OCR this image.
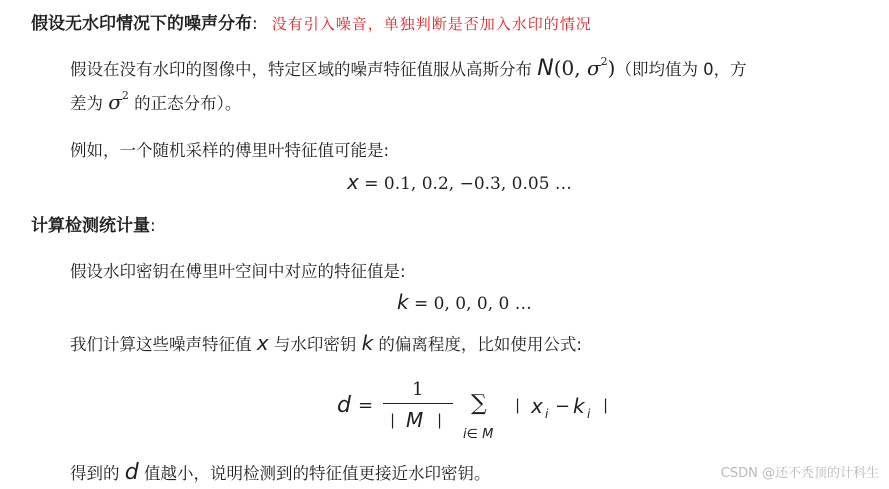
假设无水印情况下的噪声分布: 没有引入噪音，单独判断是否加入水印的情况
假设在没有水印的图像中，特定区域的噪声特征值服从高斯分布 N(0, $\sigma^2$)（即均值为 0，方
差为 $\sigma^2$ 的正态分布）。
例如，一个随机采样的傅里叶特征值可能是:
x = 0.1, 0.2, −0.3, 0.05 …
计算检测统计量:
假设水印密钥在傅里叶空间中对应的特征值是:
k = 0, 0, 0, 0 …
我们计算这些噪声特征值 x 与水印密钥 k 的偏离程度，比如使用公式:
d =
1
| M |
∑
i∈ M
| x i − k i |
得到的 d 值越小，说明检测到的特征值更接近水印密钥。	CSDN @还不秃顶的计科生
